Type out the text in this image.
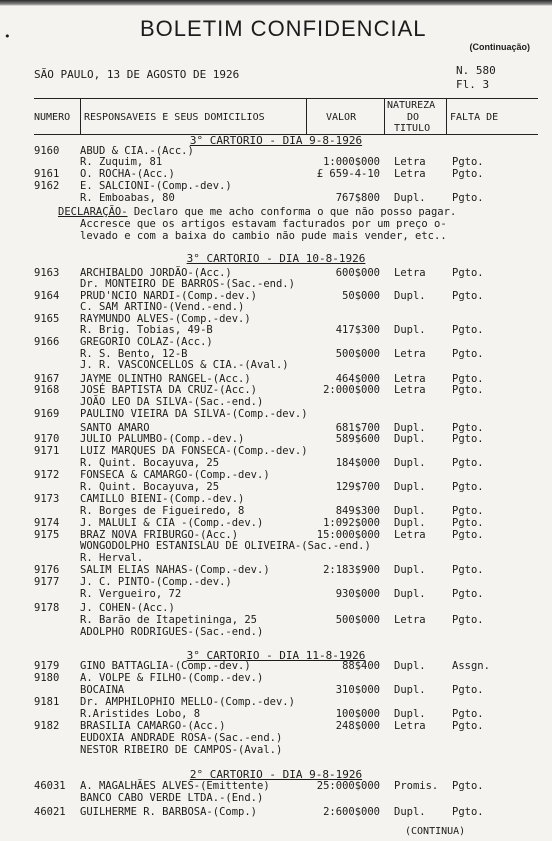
•	BOLETIM CONFIDENCIAL
(Continuação)
SÃO PAULO, 13 DE AGOSTO DE 1926	N. 580
Fl. 3
NUMERO RESPONSAVEIS E SEUS DOMICILIOS	VALOR
NATUREZA
DO
TITULO
FALTA DE
3° CARTORIO - DIA 9-8-1926
3° CARTORIO - DIA 10-8-1926
3° CARTORIO - DIA 11-8-1926
2° CARTORIO - DIA 9-8-1926
DECLARAÇÃO- Declaro que me acho conforma o que não posso pagar.
Accresce que os artigos estavam facturados por um preço o-
levado e com a baixa do cambio não pude mais vender, etc..
9160 ABUD & CIA.-(Acc.)
R. Zuquim, 81	1:000$000 Letra	Pgto.
9161 O. ROCHA-(Acc.)	£ 659-4-10 Letra	Pgto.
9162 E. SALCIONI-(Comp.-dev.)
R. Emboabas, 80	767$800 Dupl.	Pgto.
9163 ARCHIBALDO JORDÃO-(Acc.)	600$000 Letra	Pgto.
Dr. MONTEIRO DE BARROS-(Sac.-end.)
9164 PRUD'NCIO NARDI-(Comp.-dev.)	50$000 Dupl.	Pgto.
C. SAM ARTINO-(Vend.-end.)
9165 RAYMUNDO ALVES-(Comp.-dev.)
R. Brig. Tobias, 49-B	417$300 Dupl.	Pgto.
9166 GREGORIO COLAZ-(Acc.)
R. S. Bento, 12-B	500$000 Letra	Pgto.
J. R. VASCONCELLOS & CIA.-(Aval.)
9167 JAYME OLINTHO RANGEL-(Acc.)	464$000 Letra	Pgto.
9168 JOSÉ BAPTISTA DA CRUZ-(Acc.)	2:000$000 Letra	Pgto.
JOÃO LEO DA SILVA-(Sac.-end.)
9169 PAULINO VIEIRA DA SILVA-(Comp.-dev.)
SANTO AMARO	681$700 Dupl.	Pgto.
9170 JULIO PALUMBO-(Comp.-dev.)	589$600 Dupl.	Pgto.
9171 LUIZ MARQUES DA FONSECA-(Comp.-dev.)
R. Quint. Bocayuva, 25	184$000 Dupl.	Pgto.
9172 FONSECA & CAMARGO-(Comp.-dev.)
R. Quint. Bocayuva, 25	129$700 Dupl.	Pgto.
9173 CAMILLO BIENI-(Comp.-dev.)
R. Borges de Figueiredo, 8	849$300 Dupl.	Pgto.
9174 J. MALULI & CIA -(Comp.-dev.)	1:092$000 Dupl.	Pgto.
9175 BRAZ NOVA FRIBURGO-(Acc.)	15:000$000 Letra	Pgto.
WONGODOLPHO ESTANISLAU DE OLIVEIRA-(Sac.-end.)
R. Herval.
9176 SALIM ELIAS NAHAS-(Comp.-dev.)	2:183$900 Dupl.	Pgto.
9177 J. C. PINTO-(Comp.-dev.)
R. Vergueiro, 72	930$000 Dupl.	Pgto.
9178 J. COHEN-(Acc.)
R. Barão de Itapetininga, 25	500$000 Letra	Pgto.
ADOLPHO RODRIGUES-(Sac.-end.)
9179 GINO BATTAGLIA-(Comp.-dev.)	88$400 Dupl.	Assgn.
9180 A. VOLPE & FILHO-(Comp.-dev.)
BOCAINA	310$000 Dupl.	Pgto.
9181 Dr. AMPHILOPHIO MELLO-(Comp.-dev.)
R.Aristides Lobo, 8	100$000 Dupl.	Pgto.
9182 BRASILIA CAMARGO-(Acc.)	248$000 Letra	Pgto.
EUDOXIA ANDRADE ROSA-(Sac.-end.)
NESTOR RIBEIRO DE CAMPOS-(Aval.)
46031 A. MAGALHÃES ALVES-(Emittente)	25:000$000 Promis. Pgto.
BANCO CABO VERDE LTDA.-(End.)
46021 GUILHERME R. BARBOSA-(Comp.)	2:600$000 Dupl.	Pgto.
(CONTINUA)
